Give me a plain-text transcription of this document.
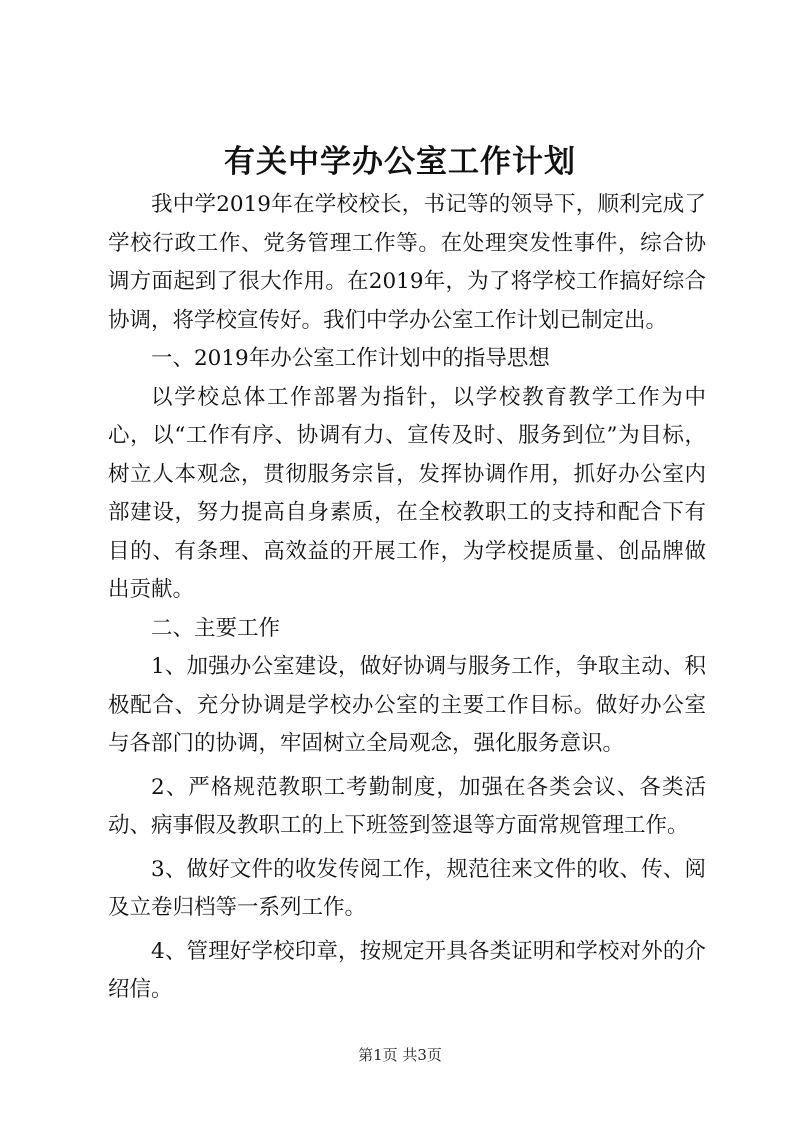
有关中学办公室工作计划

我中学2019年在学校校长，书记等的领导下，顺利完成了学校行政工作、党务管理工作等。在处理突发性事件，综合协调方面起到了很大作用。在2019年，为了将学校工作搞好综合协调，将学校宣传好。我们中学办公室工作计划已制定出。

一、2019年办公室工作计划中的指导思想

以学校总体工作部署为指针，以学校教育教学工作为中心，以“工作有序、协调有力、宣传及时、服务到位”为目标，树立人本观念，贯彻服务宗旨，发挥协调作用，抓好办公室内部建设，努力提高自身素质，在全校教职工的支持和配合下有目的、有条理、高效益的开展工作，为学校提质量、创品牌做出贡献。

二、主要工作

1、加强办公室建设，做好协调与服务工作，争取主动、积极配合、充分协调是学校办公室的主要工作目标。做好办公室与各部门的协调，牢固树立全局观念，强化服务意识。

2、严格规范教职工考勤制度，加强在各类会议、各类活动、病事假及教职工的上下班签到签退等方面常规管理工作。

3、做好文件的收发传阅工作，规范往来文件的收、传、阅及立卷归档等一系列工作。

4、管理好学校印章，按规定开具各类证明和学校对外的介绍信。

第1页 共3页
